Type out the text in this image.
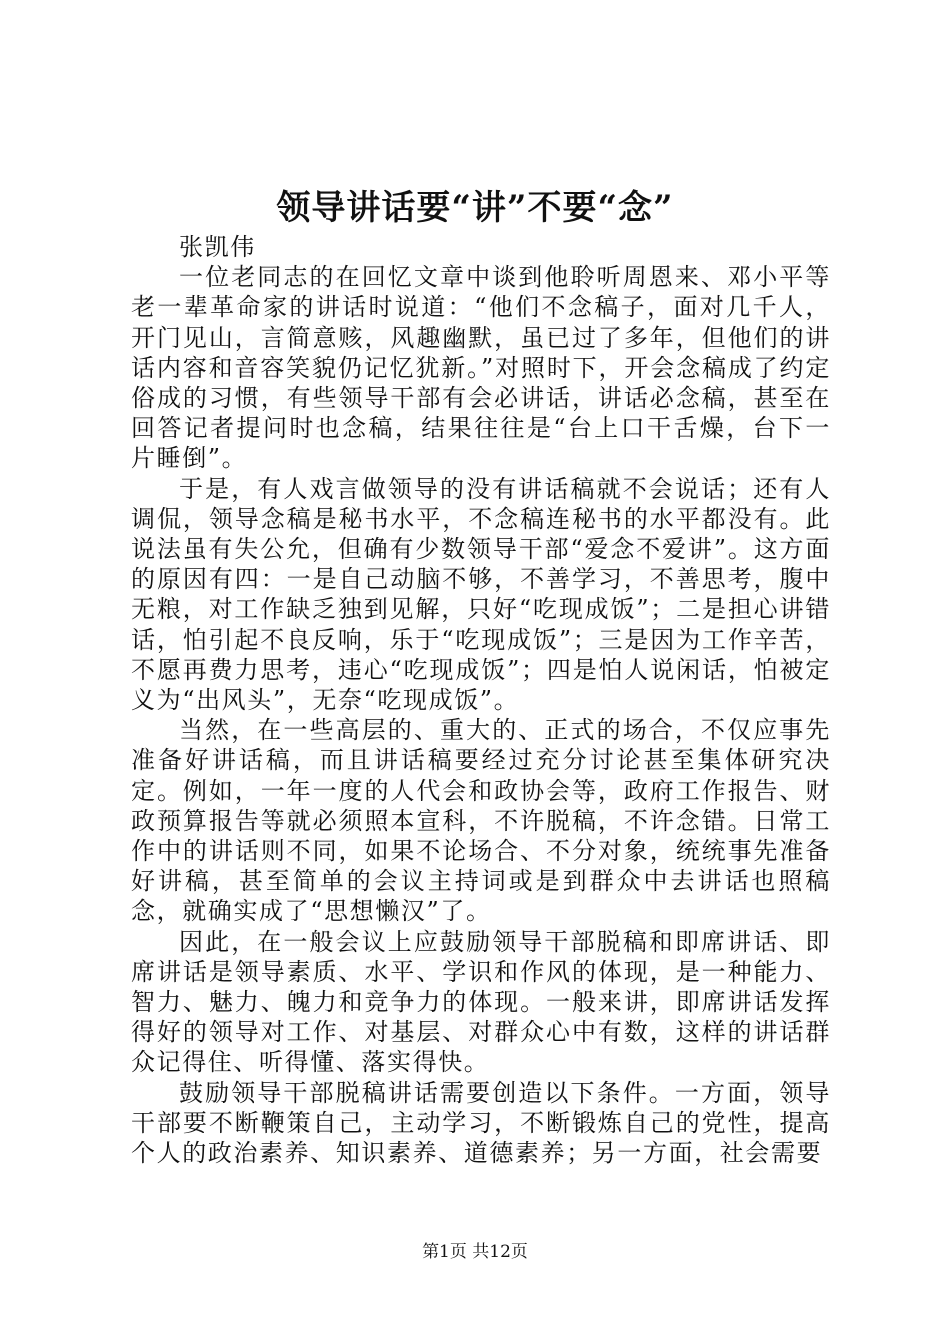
领导讲话要“讲”不要“念”

张凯伟

一位老同志的在回忆文章中谈到他聆听周恩来、邓小平等老一辈革命家的讲话时说道：“他们不念稿子，面对几千人，开门见山，言简意赅，风趣幽默，虽已过了多年，但他们的讲话内容和音容笑貌仍记忆犹新。”对照时下，开会念稿成了约定俗成的习惯，有些领导干部有会必讲话，讲话必念稿，甚至在回答记者提问时也念稿，结果往往是“台上口干舌燥，台下一片睡倒”。

于是，有人戏言做领导的没有讲话稿就不会说话；还有人调侃，领导念稿是秘书水平，不念稿连秘书的水平都没有。此说法虽有失公允，但确有少数领导干部“爱念不爱讲”。这方面的原因有四：一是自己动脑不够，不善学习，不善思考，腹中无粮，对工作缺乏独到见解，只好“吃现成饭”；二是担心讲错话，怕引起不良反响，乐于“吃现成饭”；三是因为工作辛苦，不愿再费力思考，违心“吃现成饭”；四是怕人说闲话，怕被定义为“出风头”，无奈“吃现成饭”。

当然，在一些高层的、重大的、正式的场合，不仅应事先准备好讲话稿，而且讲话稿要经过充分讨论甚至集体研究决定。例如，一年一度的人代会和政协会等，政府工作报告、财政预算报告等就必须照本宣科，不许脱稿，不许念错。日常工作中的讲话则不同，如果不论场合、不分对象，统统事先准备好讲稿，甚至简单的会议主持词或是到群众中去讲话也照稿念，就确实成了“思想懒汉”了。

因此，在一般会议上应鼓励领导干部脱稿和即席讲话、即席讲话是领导素质、水平、学识和作风的体现，是一种能力、智力、魅力、魄力和竞争力的体现。一般来讲，即席讲话发挥得好的领导对工作、对基层、对群众心中有数，这样的讲话群众记得住、听得懂、落实得快。

鼓励领导干部脱稿讲话需要创造以下条件。一方面，领导干部要不断鞭策自己，主动学习，不断锻炼自己的党性，提高个人的政治素养、知识素养、道德素养；另一方面，社会需要

第1页 共12页
